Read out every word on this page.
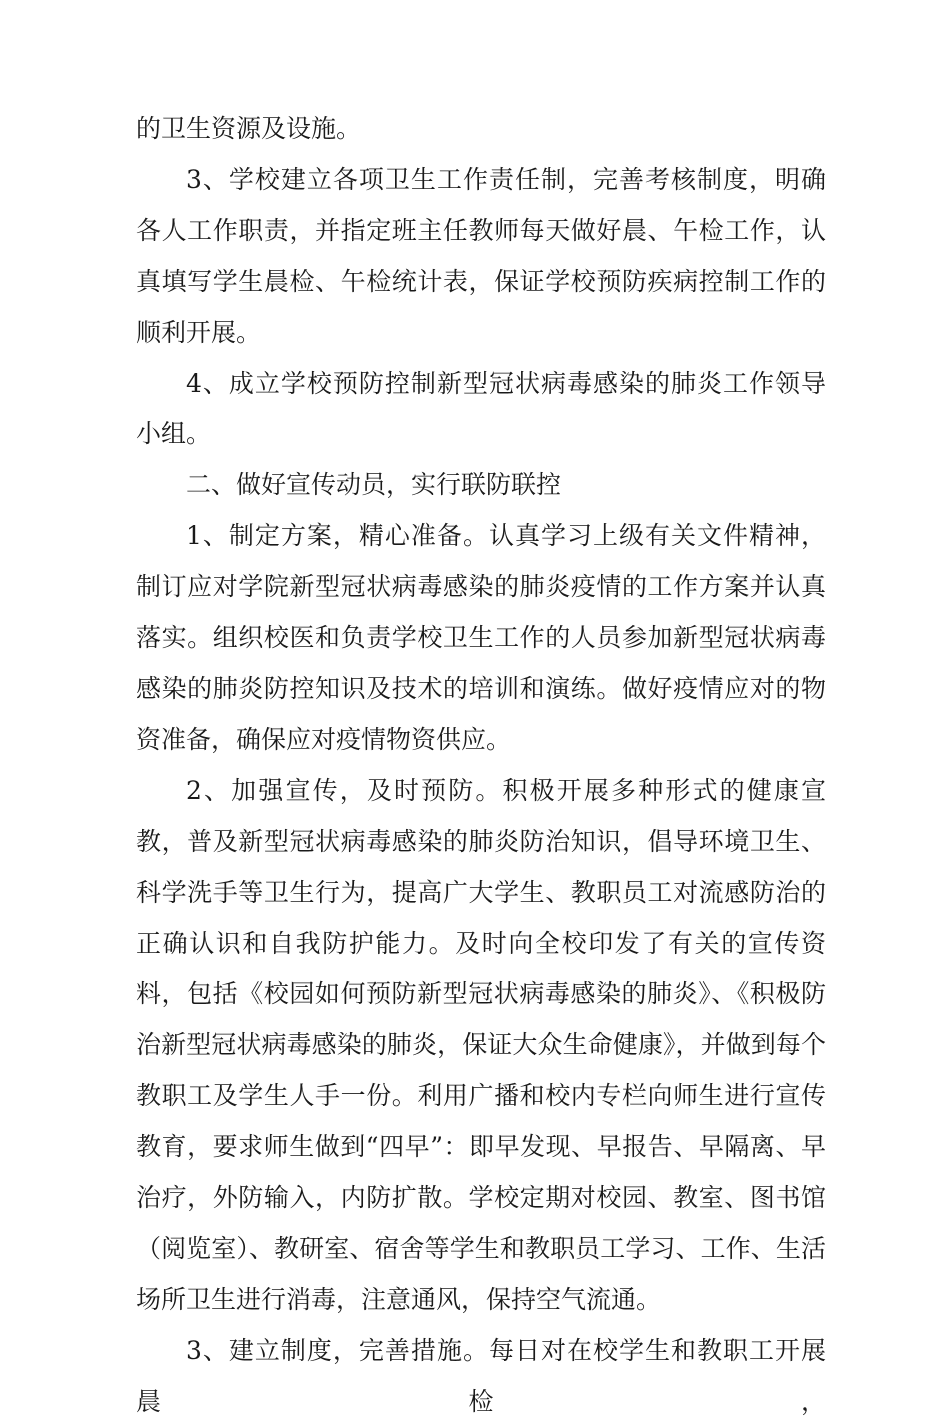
的卫生资源及设施。

3、学校建立各项卫生工作责任制，完善考核制度，明确各人工作职责，并指定班主任教师每天做好晨、午检工作，认真填写学生晨检、午检统计表，保证学校预防疾病控制工作的顺利开展。

4、成立学校预防控制新型冠状病毒感染的肺炎工作领导小组。

二、做好宣传动员，实行联防联控

1、制定方案，精心准备。认真学习上级有关文件精神，制订应对学院新型冠状病毒感染的肺炎疫情的工作方案并认真落实。组织校医和负责学校卫生工作的人员参加新型冠状病毒感染的肺炎防控知识及技术的培训和演练。做好疫情应对的物资准备，确保应对疫情物资供应。

2、加强宣传，及时预防。积极开展多种形式的健康宣教，普及新型冠状病毒感染的肺炎防治知识，倡导环境卫生、科学洗手等卫生行为，提高广大学生、教职员工对流感防治的正确认识和自我防护能力。及时向全校印发了有关的宣传资料，包括《校园如何预防新型冠状病毒感染的肺炎》、《积极防治新型冠状病毒感染的肺炎，保证大众生命健康》，并做到每个教职工及学生人手一份。利用广播和校内专栏向师生进行宣传教育，要求师生做到“四早”：即早发现、早报告、早隔离、早治疗，外防输入，内防扩散。学校定期对校园、教室、图书馆（阅览室）、教研室、宿舍等学生和教职员工学习、工作、生活场所卫生进行消毒，注意通风，保持空气流通。

3、建立制度，完善措施。每日对在校学生和教职工开展晨检，
